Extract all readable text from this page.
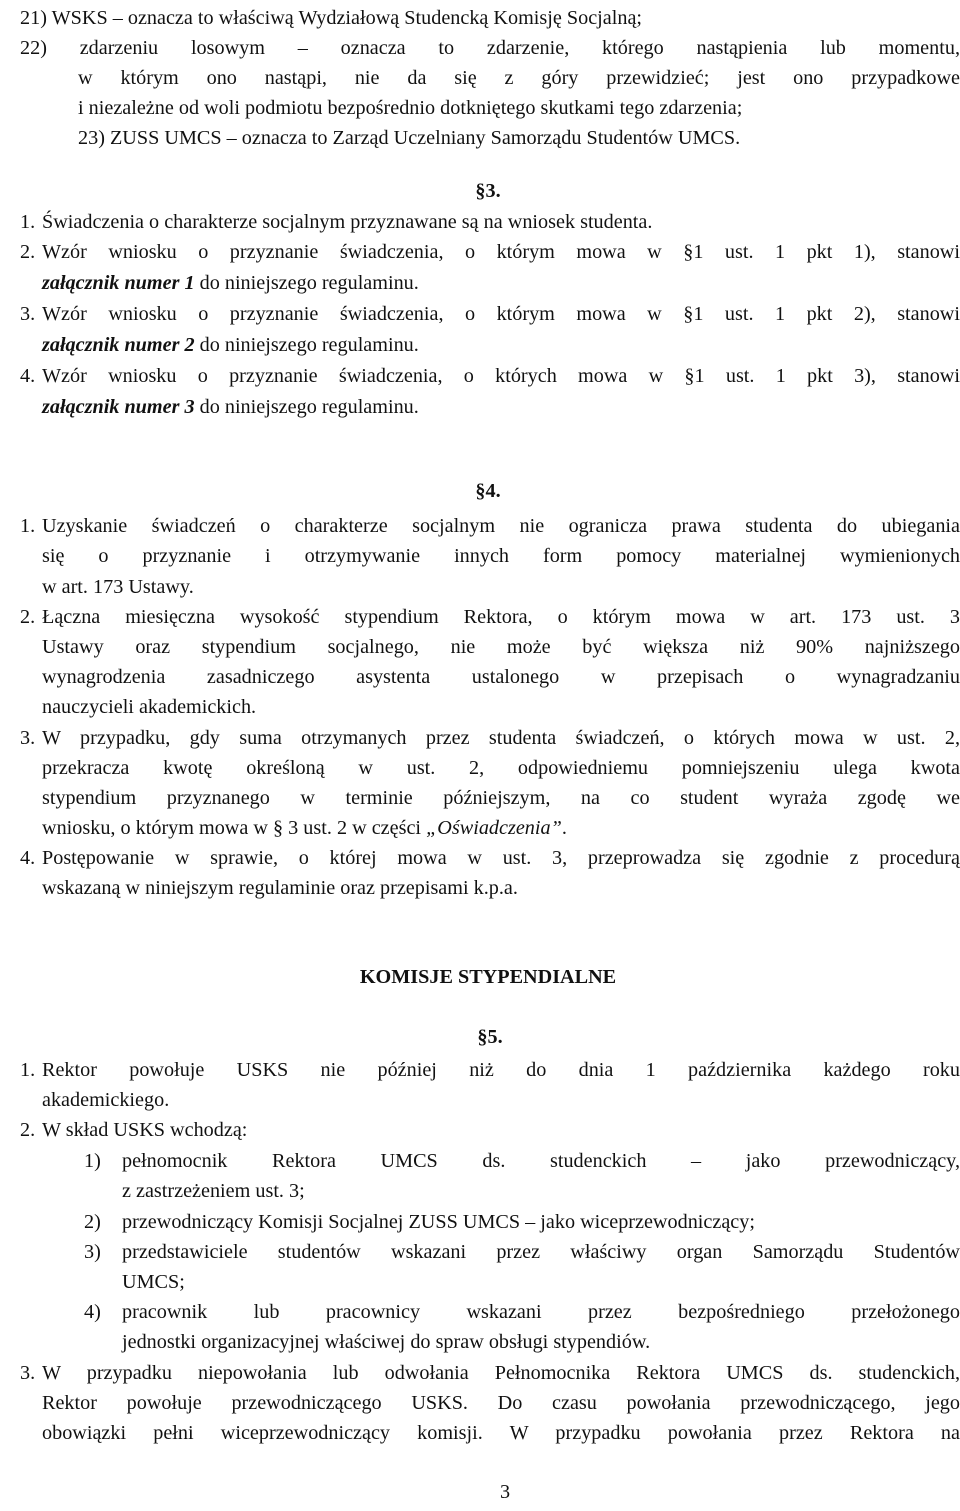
21) WSKS – oznacza to właściwą Wydziałową Studencką Komisję Socjalną;
22) zdarzeniu losowym – oznacza to zdarzenie, którego nastąpienia lub momentu,
w którym ono nastąpi, nie da się z góry przewidzieć; jest ono przypadkowe
i niezależne od woli podmiotu bezpośrednio dotkniętego skutkami tego zdarzenia;
23) ZUSS UMCS – oznacza to Zarząd Uczelniany Samorządu Studentów UMCS.
§3.
1. Świadczenia o charakterze socjalnym przyznawane są na wniosek studenta.
2. Wzór wniosku o przyznanie świadczenia, o którym mowa w §1 ust. 1 pkt 1), stanowi
załącznik numer 1 do niniejszego regulaminu.
3. Wzór wniosku o przyznanie świadczenia, o którym mowa w §1 ust. 1 pkt 2), stanowi
załącznik numer 2 do niniejszego regulaminu.
4. Wzór wniosku o przyznanie świadczenia, o których mowa w §1 ust. 1 pkt 3), stanowi
załącznik numer 3 do niniejszego regulaminu.
§4.
1. Uzyskanie świadczeń o charakterze socjalnym nie ogranicza prawa studenta do ubiegania
się o przyznanie i otrzymywanie innych form pomocy materialnej wymienionych
w art. 173 Ustawy.
2. Łączna miesięczna wysokość stypendium Rektora, o którym mowa w art. 173 ust. 3
Ustawy oraz stypendium socjalnego, nie może być większa niż 90% najniższego
wynagrodzenia zasadniczego asystenta ustalonego w przepisach o wynagradzaniu
nauczycieli akademickich.
3. W przypadku, gdy suma otrzymanych przez studenta świadczeń, o których mowa w ust. 2,
przekracza kwotę określoną w ust. 2, odpowiedniemu pomniejszeniu ulega kwota
stypendium przyznanego w terminie późniejszym, na co student wyraża zgodę we
wniosku, o którym mowa w § 3 ust. 2 w części „Oświadczenia”.
4. Postępowanie w sprawie, o której mowa w ust. 3, przeprowadza się zgodnie z procedurą
wskazaną w niniejszym regulaminie oraz przepisami k.p.a.
KOMISJE STYPENDIALNE
§5.
1. Rektor powołuje USKS nie później niż do dnia 1 października każdego roku
akademickiego.
2. W skład USKS wchodzą:
1) pełnomocnik Rektora UMCS ds. studenckich – jako przewodniczący,
z zastrzeżeniem ust. 3;
2) przewodniczący Komisji Socjalnej ZUSS UMCS – jako wiceprzewodniczący;
3) przedstawiciele studentów wskazani przez właściwy organ Samorządu Studentów
UMCS;
4) pracownik lub pracownicy wskazani przez bezpośredniego przełożonego
jednostki organizacyjnej właściwej do spraw obsługi stypendiów.
3. W przypadku niepowołania lub odwołania Pełnomocnika Rektora UMCS ds. studenckich,
Rektor powołuje przewodniczącego USKS. Do czasu powołania przewodniczącego, jego
obowiązki pełni wiceprzewodniczący komisji. W przypadku powołania przez Rektora na
3
